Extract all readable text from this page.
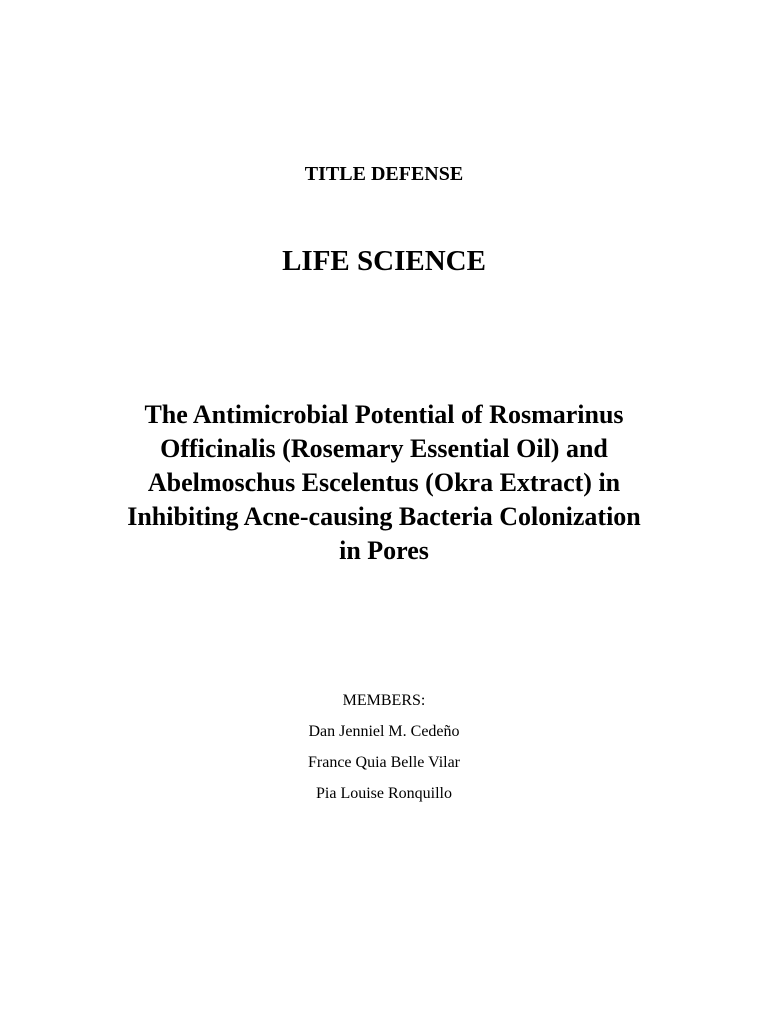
TITLE DEFENSE
LIFE SCIENCE
The Antimicrobial Potential of Rosmarinus
Officinalis (Rosemary Essential Oil) and
Abelmoschus Escelentus (Okra Extract) in
Inhibiting Acne-causing Bacteria Colonization
in Pores
MEMBERS:
Dan Jenniel M. Cedeño
France Quia Belle Vilar
Pia Louise Ronquillo
